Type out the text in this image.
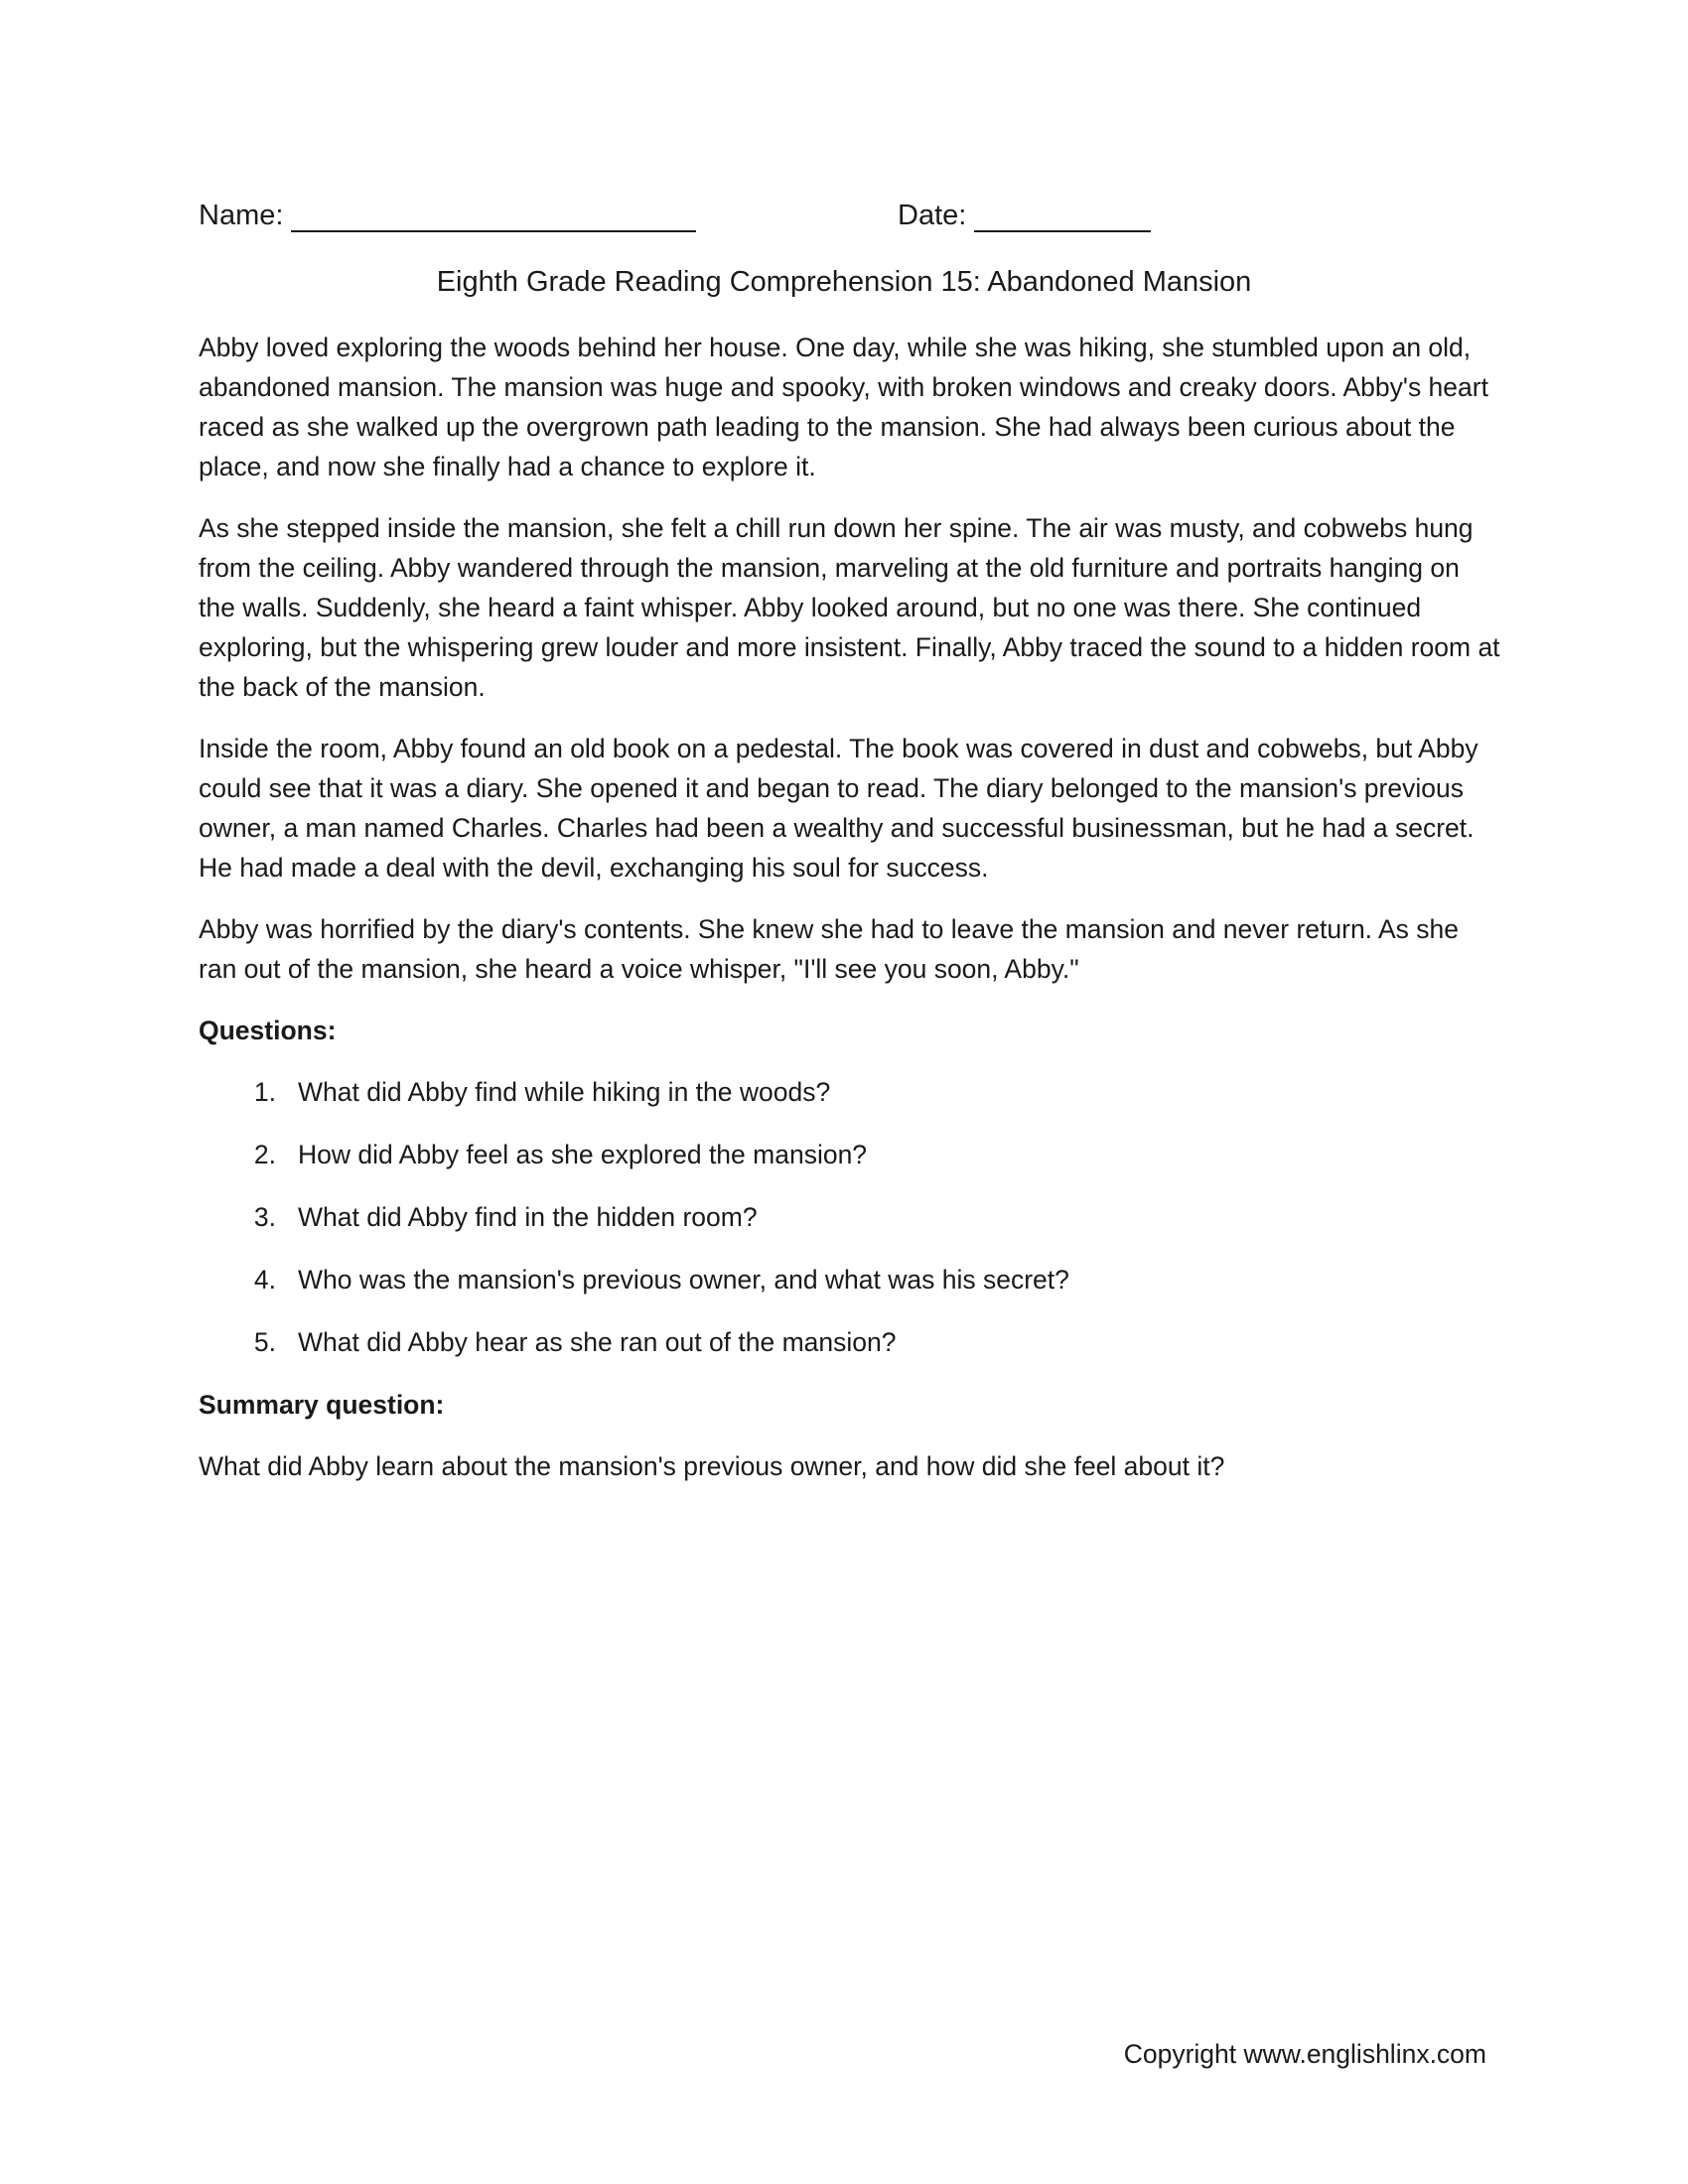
Name:	Date:
Eighth Grade Reading Comprehension 15: Abandoned Mansion

Abby loved exploring the woods behind her house. One day, while she was hiking, she stumbled upon an old, abandoned mansion. The mansion was huge and spooky, with broken windows and creaky doors. Abby's heart raced as she walked up the overgrown path leading to the mansion. She had always been curious about the place, and now she finally had a chance to explore it.

As she stepped inside the mansion, she felt a chill run down her spine. The air was musty, and cobwebs hung from the ceiling. Abby wandered through the mansion, marveling at the old furniture and portraits hanging on the walls. Suddenly, she heard a faint whisper. Abby looked around, but no one was there. She continued exploring, but the whispering grew louder and more insistent. Finally, Abby traced the sound to a hidden room at the back of the mansion.

Inside the room, Abby found an old book on a pedestal. The book was covered in dust and cobwebs, but Abby could see that it was a diary. She opened it and began to read. The diary belonged to the mansion's previous owner, a man named Charles. Charles had been a wealthy and successful businessman, but he had a secret. He had made a deal with the devil, exchanging his soul for success.

Abby was horrified by the diary's contents. She knew she had to leave the mansion and never return. As she ran out of the mansion, she heard a voice whisper, "I'll see you soon, Abby."

Questions:
1. What did Abby find while hiking in the woods?
2. How did Abby feel as she explored the mansion?
3. What did Abby find in the hidden room?
4. Who was the mansion's previous owner, and what was his secret?
5. What did Abby hear as she ran out of the mansion?
Summary question:

What did Abby learn about the mansion's previous owner, and how did she feel about it?

Copyright www.englishlinx.com
